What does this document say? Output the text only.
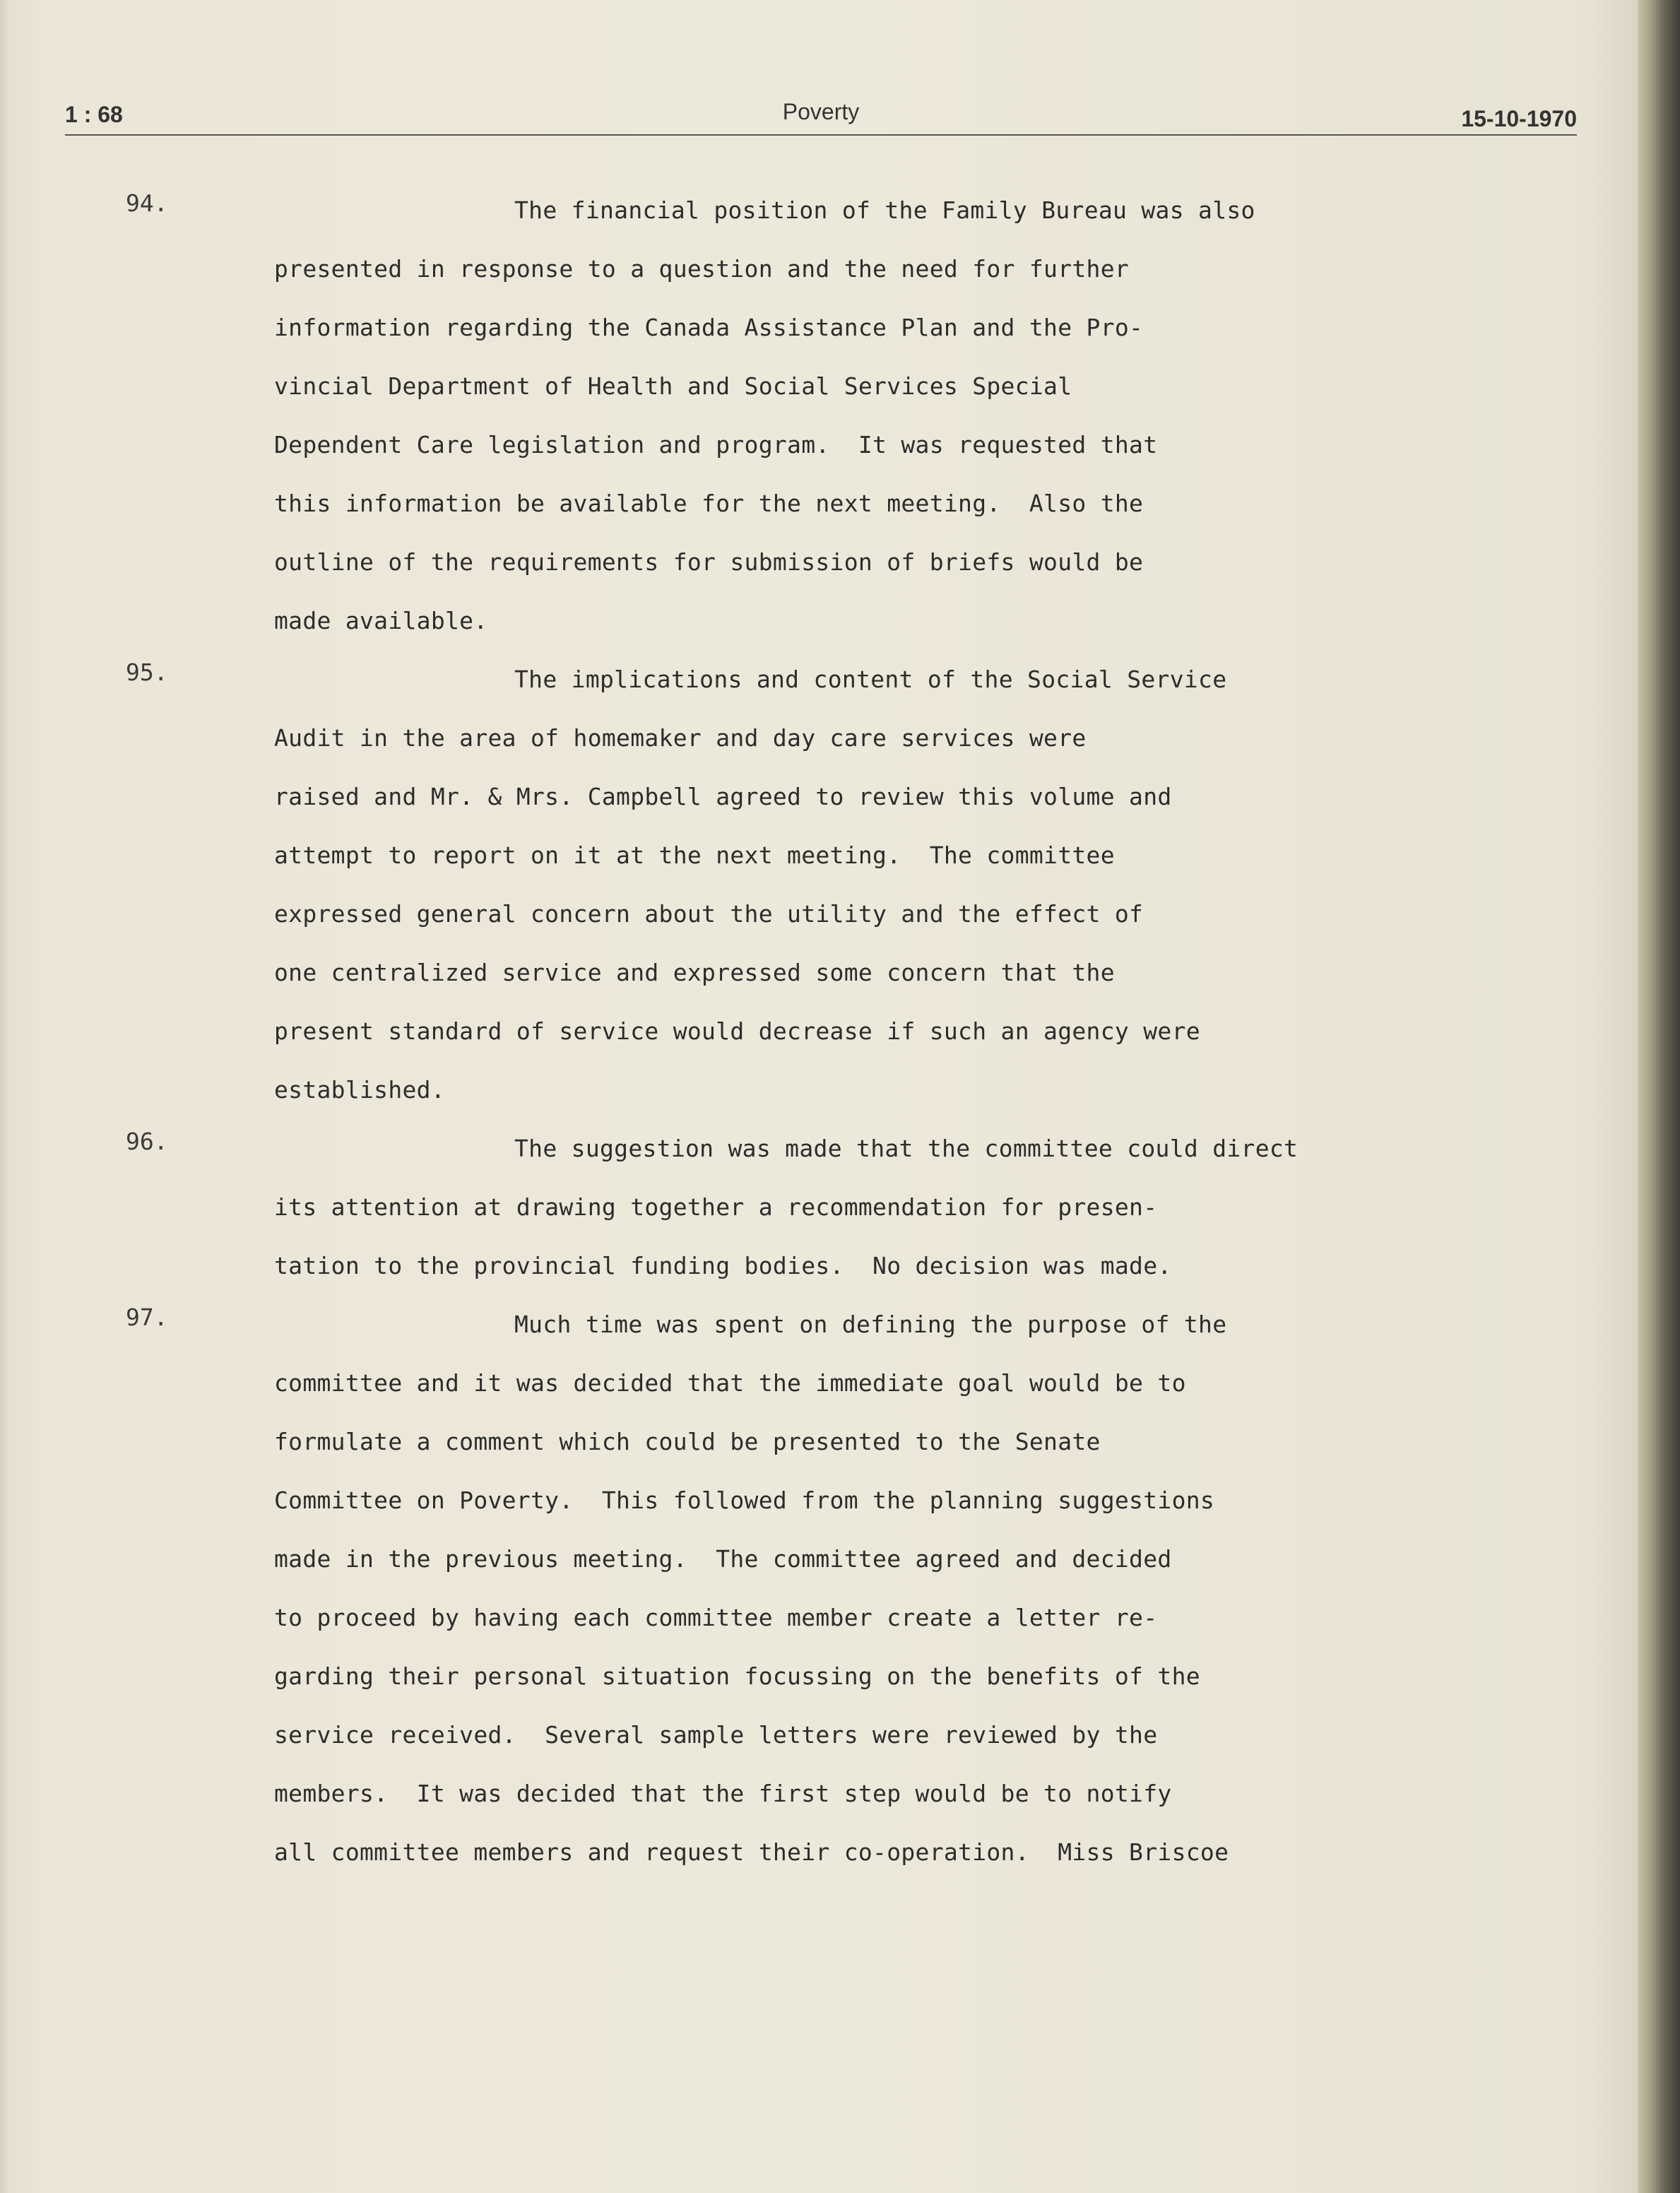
1 : 68	Poverty	15-10-1970
94.	The financial position of the Family Bureau was also
presented in response to a question and the need for further
information regarding the Canada Assistance Plan and the Pro-
vincial Department of Health and Social Services Special
Dependent Care legislation and program.  It was requested that
this information be available for the next meeting.  Also the
outline of the requirements for submission of briefs would be
made available.
95.	The implications and content of the Social Service
Audit in the area of homemaker and day care services were
raised and Mr. & Mrs. Campbell agreed to review this volume and
attempt to report on it at the next meeting.  The committee
expressed general concern about the utility and the effect of
one centralized service and expressed some concern that the
present standard of service would decrease if such an agency were
established.
96.	The suggestion was made that the committee could direct
its attention at drawing together a recommendation for presen-
tation to the provincial funding bodies.  No decision was made.
97.	Much time was spent on defining the purpose of the
committee and it was decided that the immediate goal would be to
formulate a comment which could be presented to the Senate
Committee on Poverty.  This followed from the planning suggestions
made in the previous meeting.  The committee agreed and decided
to proceed by having each committee member create a letter re-
garding their personal situation focussing on the benefits of the
service received.  Several sample letters were reviewed by the
members.  It was decided that the first step would be to notify
all committee members and request their co-operation.  Miss Briscoe
